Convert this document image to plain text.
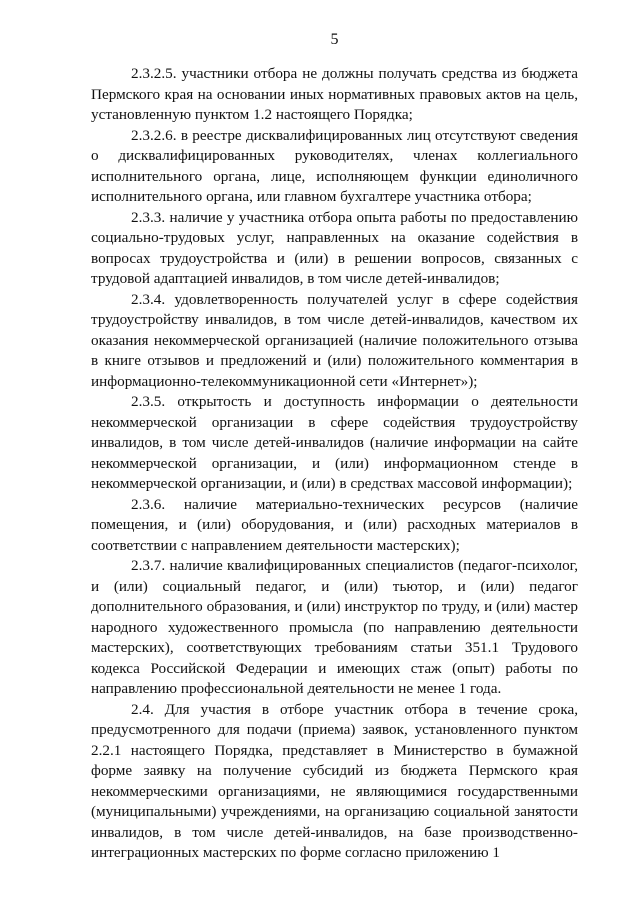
5

2.3.2.5. участники отбора не должны получать средства из бюджета Пермского края на основании иных нормативных правовых актов на цель, установленную пунктом 1.2 настоящего Порядка;

2.3.2.6. в реестре дисквалифицированных лиц отсутствуют сведения о дисквалифицированных руководителях, членах коллегиального исполнительного органа, лице, исполняющем функции единоличного исполнительного органа, или главном бухгалтере участника отбора;

2.3.3. наличие у участника отбора опыта работы по предоставлению социально-трудовых услуг, направленных на оказание содействия в вопросах трудоустройства и (или) в решении вопросов, связанных с трудовой адаптацией инвалидов, в том числе детей-инвалидов;

2.3.4. удовлетворенность получателей услуг в сфере содействия трудоустройству инвалидов, в том числе детей-инвалидов, качеством их оказания некоммерческой организацией (наличие положительного отзыва в книге отзывов и предложений и (или) положительного комментария в информационно-телекоммуникационной сети «Интернет»);

2.3.5. открытость и доступность информации о деятельности некоммерческой организации в сфере содействия трудоустройству инвалидов, в том числе детей-инвалидов (наличие информации на сайте некоммерческой организации, и (или) информационном стенде в некоммерческой организации, и (или) в средствах массовой информации);

2.3.6. наличие материально-технических ресурсов (наличие помещения, и (или) оборудования, и (или) расходных материалов в соответствии с направлением деятельности мастерских);

2.3.7. наличие квалифицированных специалистов (педагог-психолог, и (или) социальный педагог, и (или) тьютор, и (или) педагог дополнительного образования, и (или) инструктор по труду, и (или) мастер народного художественного промысла (по направлению деятельности мастерских), соответствующих требованиям статьи 351.1 Трудового кодекса Российской Федерации и имеющих стаж (опыт) работы по направлению профессиональной деятельности не менее 1 года.

2.4. Для участия в отборе участник отбора в течение срока, предусмотренного для подачи (приема) заявок, установленного пунктом 2.2.1 настоящего Порядка, представляет в Министерство в бумажной форме заявку на получение субсидий из бюджета Пермского края некоммерческими организациями, не являющимися государственными (муниципальными) учреждениями, на организацию социальной занятости инвалидов, в том числе детей-инвалидов, на базе производственно-интеграционных мастерских по форме согласно приложению 1
